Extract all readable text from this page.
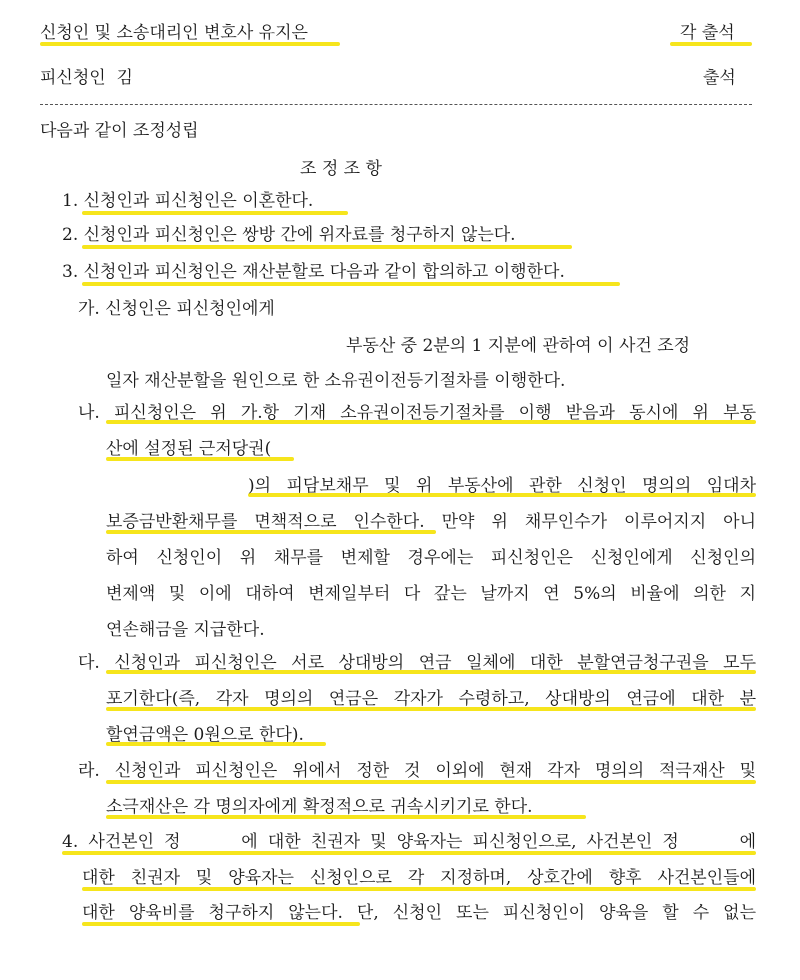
신청인 및 소송대리인 변호사 유지은	각 출석
피신청인  김	출석
다음과 같이 조정성립
조 정 조 항
1. 신청인과 피신청인은 이혼한다.
2. 신청인과 피신청인은 쌍방 간에 위자료를 청구하지 않는다.
3. 신청인과 피신청인은 재산분할로 다음과 같이 합의하고 이행한다.
가. 신청인은 피신청인에게
부동산 중 2분의 1 지분에 관하여 이 사건 조정
일자 재산분할을 원인으로 한 소유권이전등기절차를 이행한다.
나. 피신청인은 위 가.항 기재 소유권이전등기절차를 이행 받음과 동시에 위 부동
산에 설정된 근저당권(
)의 피담보채무 및 위 부동산에 관한 신청인 명의의 임대차
보증금반환채무를 면책적으로 인수한다. 만약 위 채무인수가 이루어지지 아니
하여 신청인이 위 채무를 변제할 경우에는 피신청인은 신청인에게 신청인의
변제액 및 이에 대하여 변제일부터 다 갚는 날까지 연 5%의 비율에 의한 지
연손해금을 지급한다.
다. 신청인과 피신청인은 서로 상대방의 연금 일체에 대한 분할연금청구권을 모두
포기한다(즉, 각자 명의의 연금은 각자가 수령하고, 상대방의 연금에 대한 분
할연금액은 0원으로 한다).
라. 신청인과 피신청인은 위에서 정한 것 이외에 현재 각자 명의의 적극재산 및
소극재산은 각 명의자에게 확정적으로 귀속시키기로 한다.
4. 사건본인 정      에 대한 친권자 및 양육자는 피신청인으로, 사건본인 정      에
대한 친권자 및 양육자는 신청인으로 각 지정하며, 상호간에 향후 사건본인들에
대한 양육비를 청구하지 않는다. 단, 신청인 또는 피신청인이 양육을 할 수 없는
